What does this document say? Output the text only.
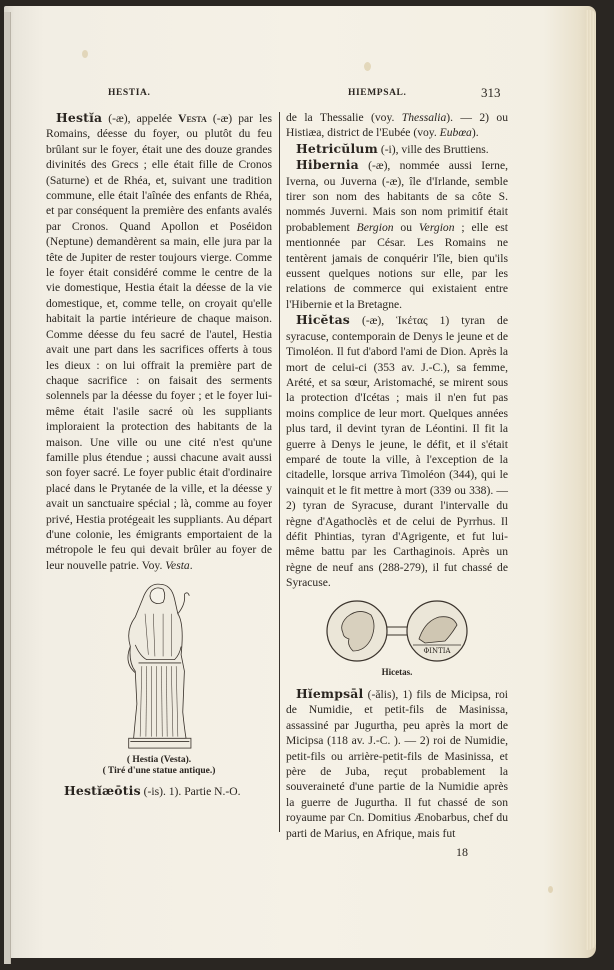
HESTIA.	HIEMPSAL.	313

Hestĭa (-æ), appelée Vesta (-æ) par les Romains, déesse du foyer, ou plutôt du feu brûlant sur le foyer, était une des douze grandes divinités des Grecs ; elle était fille de Cronos (Saturne) et de Rhéa, et, suivant une tradition commune, elle était l'aînée des enfants de Rhéa, et par conséquent la première des enfants avalés par Cronos. Quand Apollon et Poséidon (Neptune) demandèrent sa main, elle jura par la tête de Jupiter de rester toujours vierge. Comme le foyer était considéré comme le centre de la vie domestique, Hestia était la déesse de la vie domestique, et, comme telle, on croyait qu'elle habitait la partie intérieure de chaque maison. Comme déesse du feu sacré de l'autel, Hestia avait une part dans les sacrifices offerts à tous les dieux : on lui offrait la première part de chaque sacrifice : on faisait des serments solennels par la déesse du foyer ; et le foyer lui-même était l'asile sacré où les suppliants imploraient la protection des habitants de la maison. Une ville ou une cité n'est qu'une famille plus étendue ; aussi chacune avait aussi son foyer sacré. Le foyer public était d'ordinaire placé dans le Prytanée de la ville, et la déesse y avait un sanctuaire spécial ; là, comme au foyer privé, Hestia protégeait les suppliants. Au départ d'une colonie, les émigrants emportaient de la métropole le feu qui devait brûler au foyer de leur nouvelle patrie. Voy. Vesta.

( Hestia (Vesta).
( Tiré d'une statue antique.)

Hestĭæōtis (-is). 1). Partie N.-O.

de la Thessalie (voy. Thessalia). — 2) ou Histiæa, district de l'Eubée (voy. Eubœa).

Hetricŭlum (-i), ville des Bruttiens.

Hibernia (-æ), nommée aussi Ierne, Iverna, ou Juverna (-æ), île d'Irlande, semble tirer son nom des habitants de sa côte S. nommés Juverni. Mais son nom primitif était probablement Bergion ou Vergion ; elle est mentionnée par César. Les Romains ne tentèrent jamais de conquérir l'île, bien qu'ils eussent quelques notions sur elle, par les relations de commerce qui existaient entre l'Hibernie et la Bretagne.

Hicĕtas (-æ), Ἱκέτας 1) tyran de syracuse, contemporain de Denys le jeune et de Timoléon. Il fut d'abord l'ami de Dion. Après la mort de celui-ci (353 av. J.-C.), sa femme, Arété, et sa sœur, Aristomaché, se mirent sous la protection d'Icétas ; mais il n'en fut pas moins complice de leur mort. Quelques années plus tard, il devint tyran de Léontini. Il fit la guerre à Denys le jeune, le défit, et il s'était emparé de toute la ville, à l'exception de la citadelle, lorsque arriva Timoléon (344), qui le vainquit et le fit mettre à mort (339 ou 338). — 2) tyran de Syracuse, durant l'intervalle du règne d'Agathoclès et de celui de Pyrrhus. Il défit Phintias, tyran d'Agrigente, et fut lui-même battu par les Carthaginois. Après un règne de neuf ans (288-279), il fut chassé de Syracuse.

ΦΙΝΤΙΑ
Hicetas.

Hĭempsāl (-ălis), 1) fils de Micipsa, roi de Numidie, et petit-fils de Masinissa, assassiné par Jugurtha, peu après la mort de Micipsa (118 av. J.-C. ). — 2) roi de Numidie, petit-fils ou arrière-petit-fils de Masinissa, et père de Juba, reçut probablement la souveraineté d'une partie de la Numidie après la guerre de Jugurtha. Il fut chassé de son royaume par Cn. Domitius Ænobarbus, chef du parti de Marius, en Afrique, mais fut

18
